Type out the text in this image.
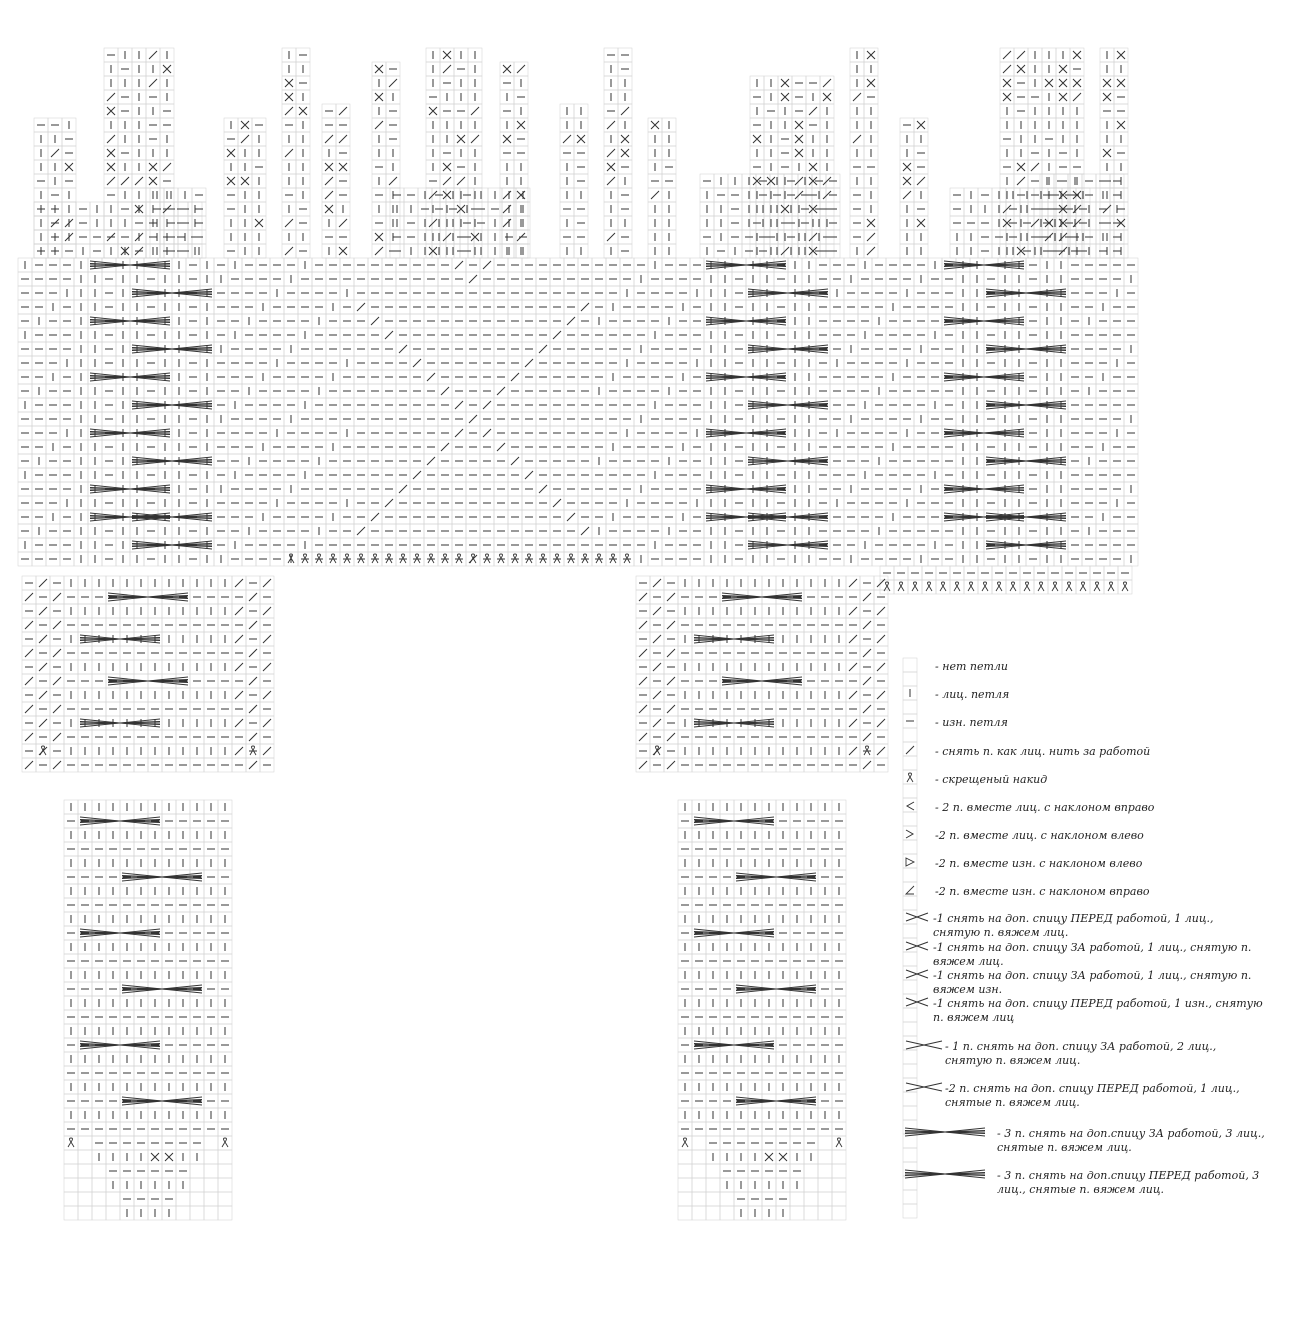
- нет петли
- лиц. петля
- изн. петля
- снять п. как лиц. нить за работой
- скрещеный накид
- 2 п. вместе лиц. с наклоном вправо
-2 п. вместе лиц. с наклоном влево
-2 п. вместе изн. с наклоном влево
-2 п. вместе изн. с наклоном вправо
-1 снять на доп. спицу ПЕРЕД работой, 1 лиц., снятую п. вяжем лиц.
-1 снять на доп. спицу ЗА работой, 1 лиц., снятую п. вяжем лиц.
-1 снять на доп. спицу ЗА работой, 1 лиц., снятую п. вяжем изн.
-1 снять на доп. спицу ПЕРЕД работой, 1 изн., снятую п. вяжем лиц
- 1 п. снять на доп. спицу ЗА работой, 2 лиц., снятую п. вяжем лиц.
-2 п. снять на доп. спицу ПЕРЕД работой, 1 лиц., снятые п. вяжем лиц.
- 3 п. снять на доп.спицу ЗА работой, 3 лиц., снятые п. вяжем лиц.
- 3 п. снять на доп.спицу ПЕРЕД работой, 3 лиц., снятые п. вяжем лиц.
